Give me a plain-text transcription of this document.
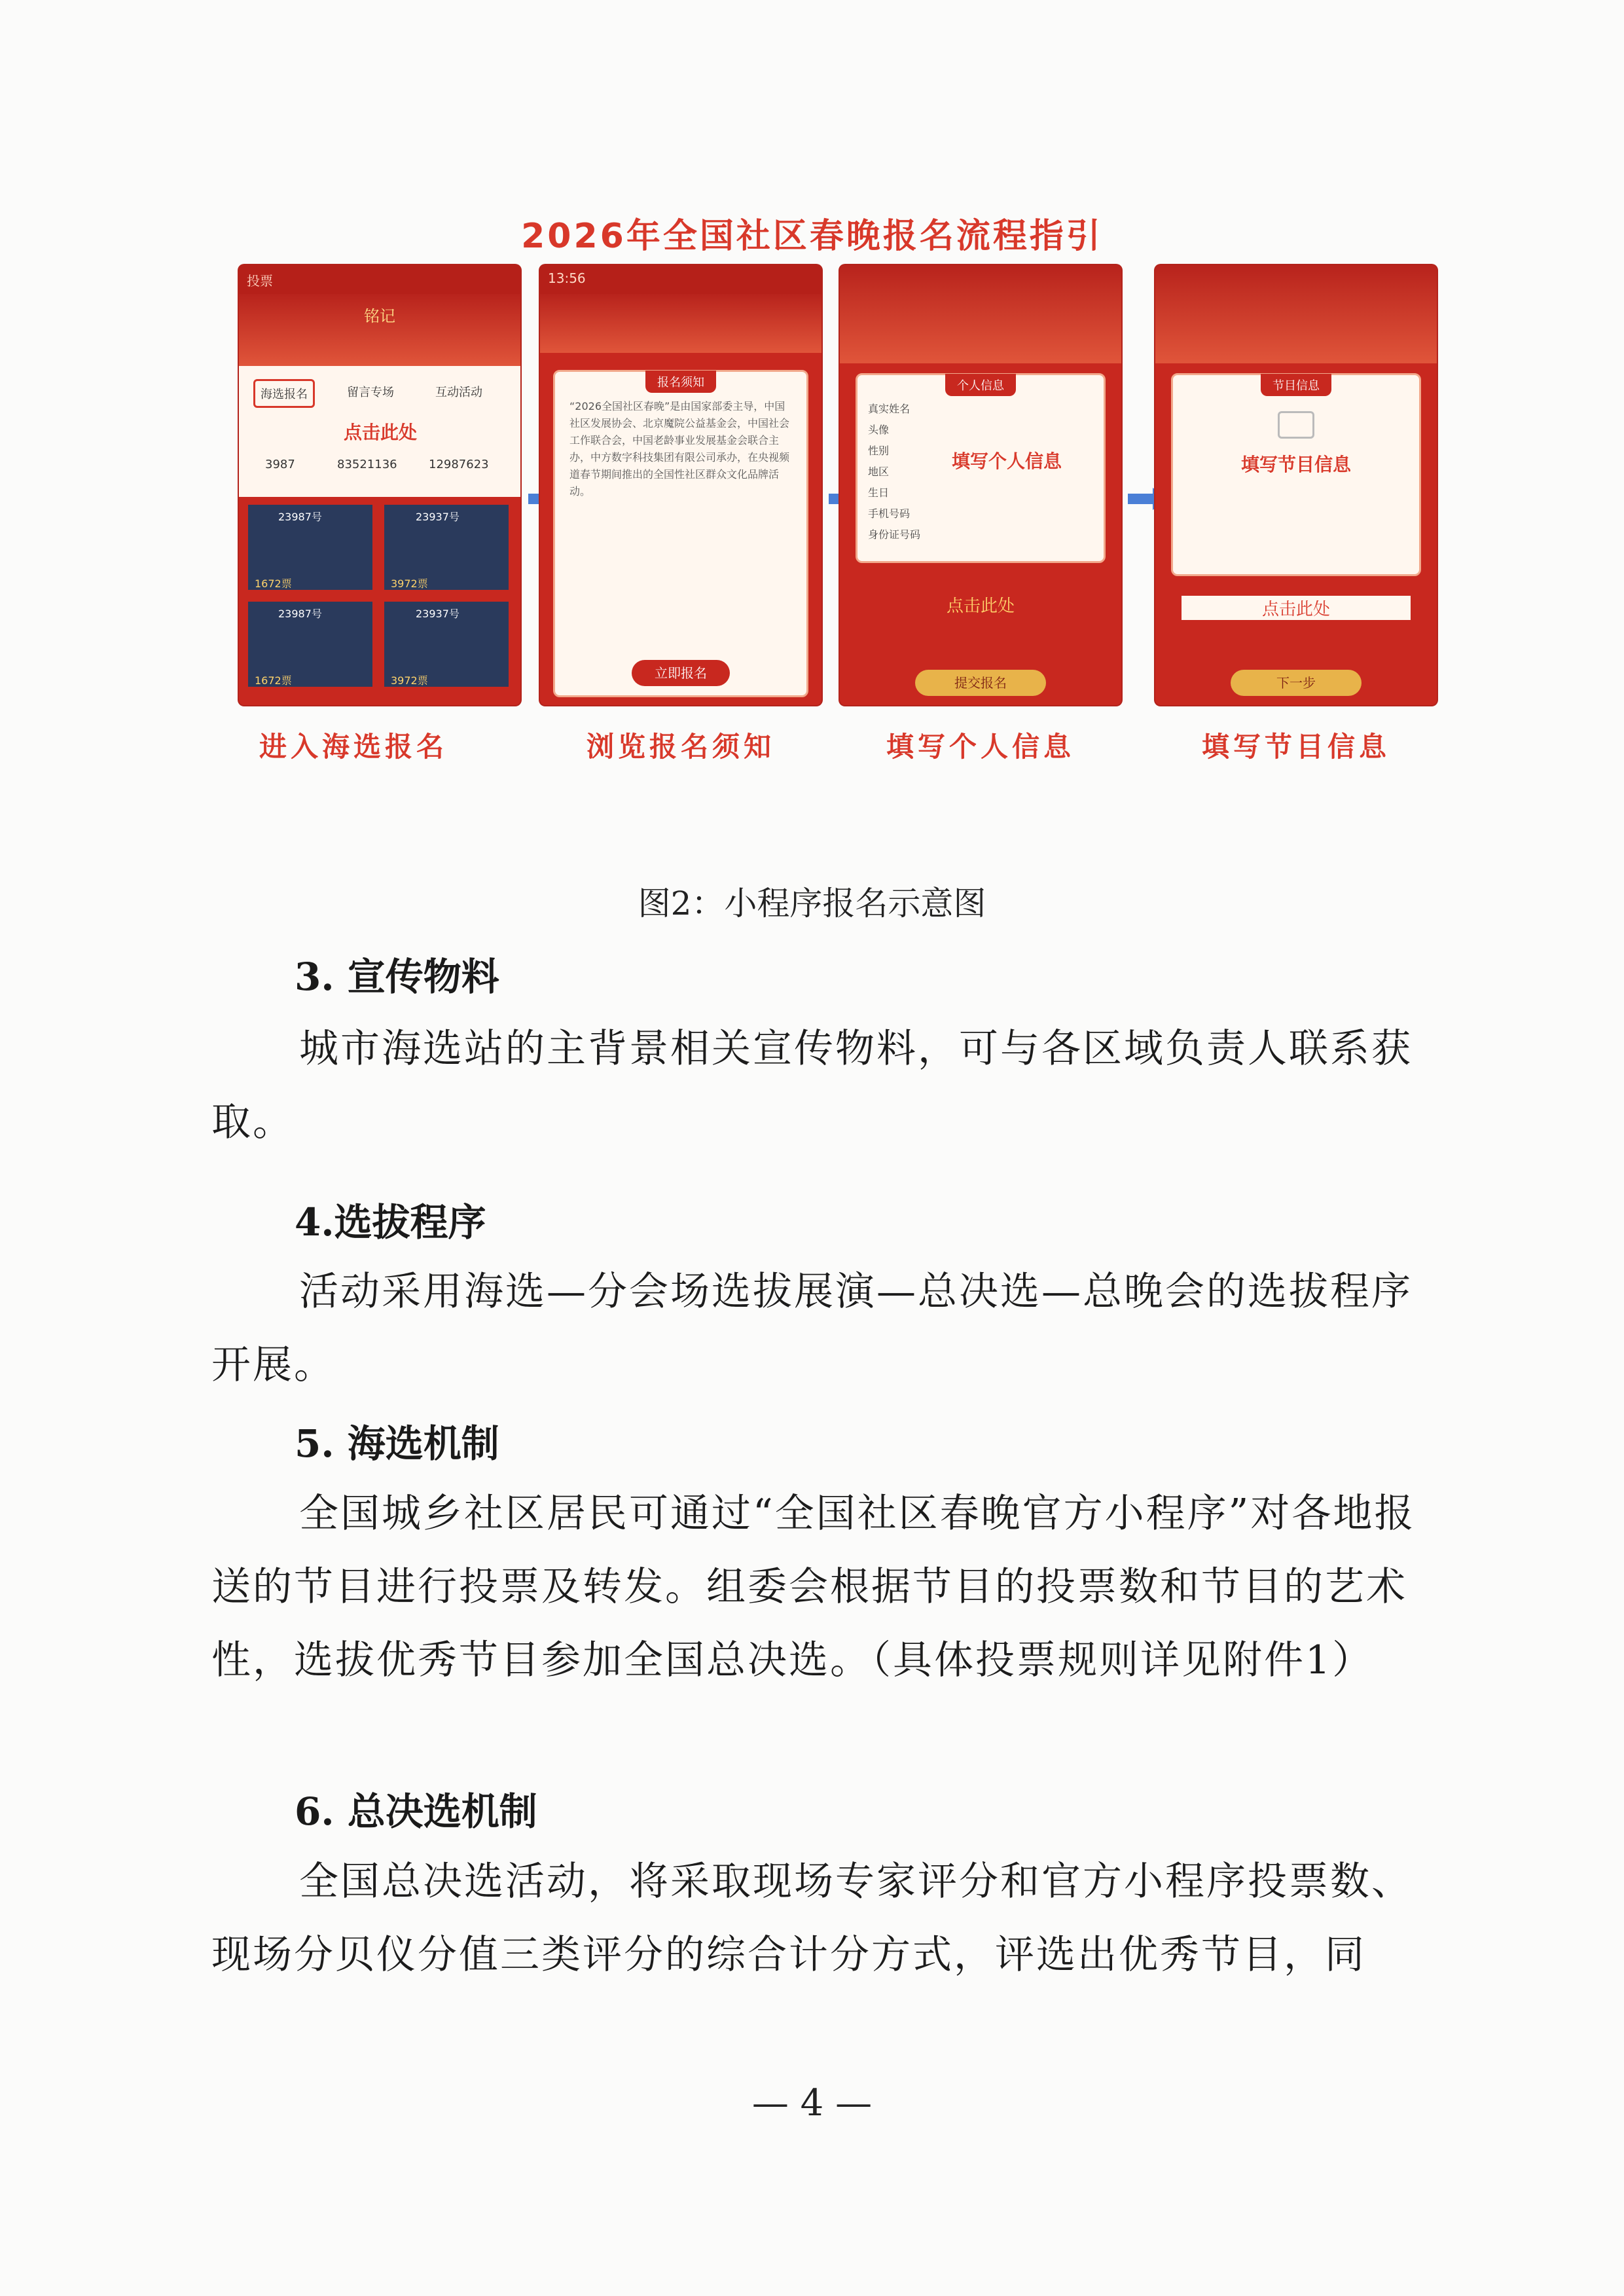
2026年全国社区春晚报名流程指引
投票
铭记
海选报名	留言专场	互动活动
点击此处
3987	83521136	12987623
23987号	23937号
23987号	23937号
1672票	3972票
1672票	3972票
13:56
报名须知
“2026全国社区春晚”是由国家部委主导，中国社区发展协会、北京魔院公益基金会，中国社会工作联合会，中国老龄事业发展基金会联合主办，中方数字科技集团有限公司承办，在央视频道春节期间推出的全国性社区群众文化品牌活动。
立即报名
个人信息
真实姓名
头像
性别
地区
生日
手机号码
身份证号码
填写个人信息
点击此处
提交报名
节目信息
填写节目信息
点击此处
下一步
进入海选报名	浏览报名须知	填写个人信息	填写节目信息
图2：小程序报名示意图
3. 宣传物料
城市海选站的主背景相关宣传物料，可与各区域负责人联系获取。
4.选拔程序
活动采用海选—分会场选拔展演—总决选—总晚会的选拔程序开展。
5. 海选机制
全国城乡社区居民可通过“全国社区春晚官方小程序”对各地报送的节目进行投票及转发。组委会根据节目的投票数和节目的艺术性，选拔优秀节目参加全国总决选。（具体投票规则详见附件1）
6. 总决选机制
全国总决选活动，将采取现场专家评分和官方小程序投票数、现场分贝仪分值三类评分的综合计分方式，评选出优秀节目，同
— 4 —
